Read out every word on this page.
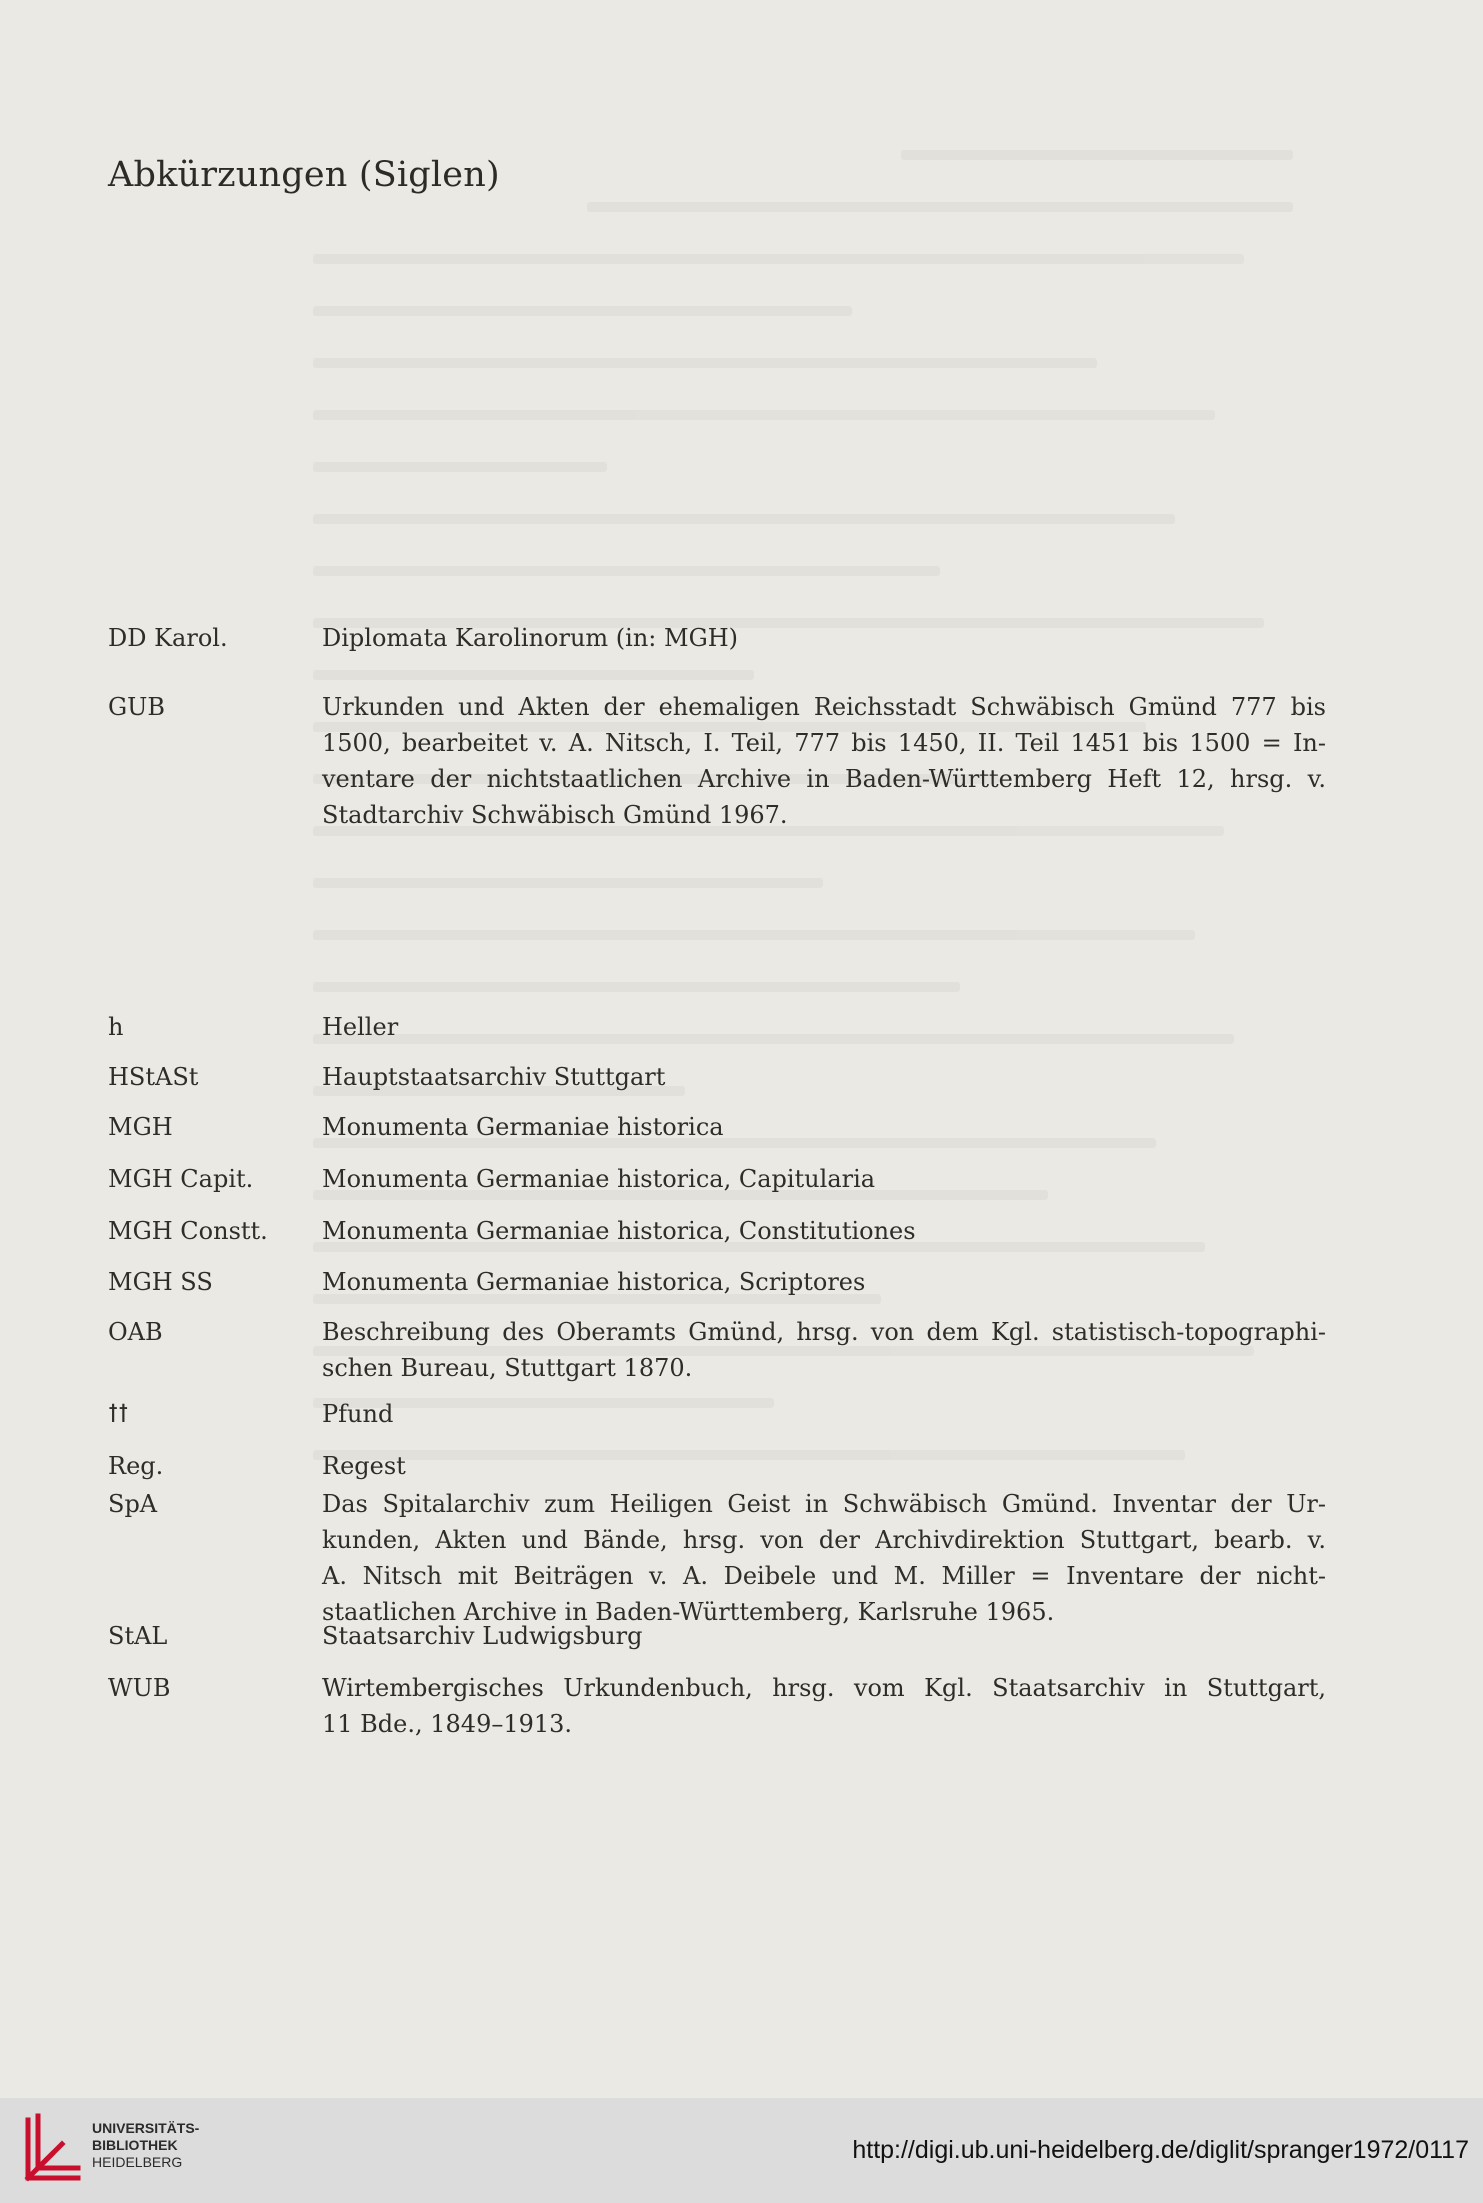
Abkürzungen (Siglen)
DD Karol.	Diplomata Karolinorum (in: MGH)
GUB	Urkunden und Akten der ehemaligen Reichsstadt Schwäbisch Gmünd 777 bis
1500, bearbeitet v. A. Nitsch, I. Teil, 777 bis 1450, II. Teil 1451 bis 1500 = In-
ventare der nichtstaatlichen Archive in Baden-Württemberg Heft 12, hrsg. v.
Stadtarchiv Schwäbisch Gmünd 1967.
h	Heller
HStASt	Hauptstaatsarchiv Stuttgart
MGH	Monumenta Germaniae historica
MGH Capit.	Monumenta Germaniae historica, Capitularia
MGH Constt.	Monumenta Germaniae historica, Constitutiones
MGH SS	Monumenta Germaniae historica, Scriptores
OAB	Beschreibung des Oberamts Gmünd, hrsg. von dem Kgl. statistisch-topographi-
schen Bureau, Stuttgart 1870.
ꝉꝉ	Pfund
Reg.	Regest
SpA	Das Spitalarchiv zum Heiligen Geist in Schwäbisch Gmünd. Inventar der Ur-
kunden, Akten und Bände, hrsg. von der Archivdirektion Stuttgart, bearb. v.
A. Nitsch mit Beiträgen v. A. Deibele und M. Miller = Inventare der nicht-
staatlichen Archive in Baden-Württemberg, Karlsruhe 1965.
StAL	Staatsarchiv Ludwigsburg
WUB	Wirtembergisches Urkundenbuch, hrsg. vom Kgl. Staatsarchiv in Stuttgart,
11 Bde., 1849–1913.
UNIVERSITÄTS-
BIBLIOTHEK
HEIDELBERG	http://digi.ub.uni-heidelberg.de/diglit/spranger1972/0117
